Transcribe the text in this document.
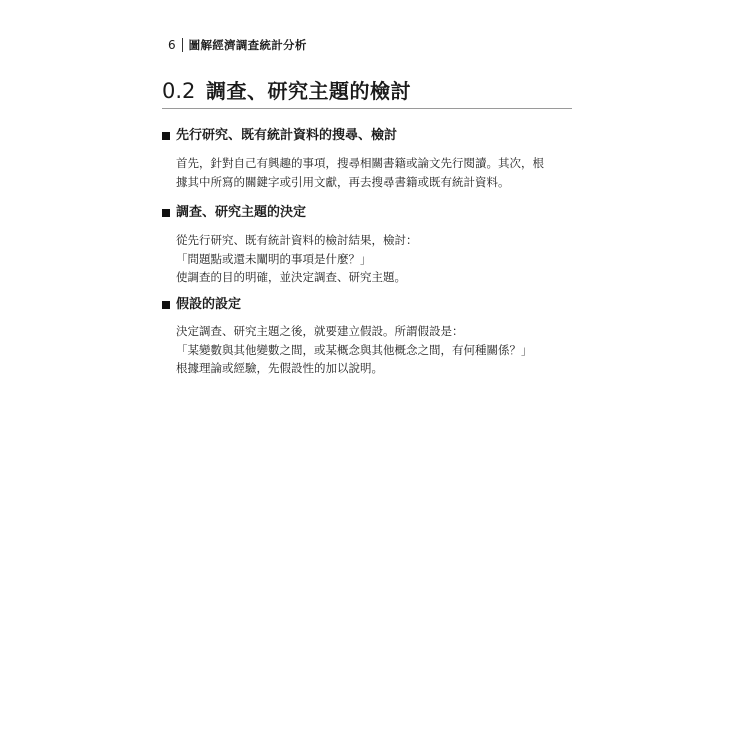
6 圖解經濟調查統計分析
0.2 調查、研究主題的檢討
先行研究、既有統計資料的搜尋、檢討
首先，針對自己有興趣的事項，搜尋相關書籍或論文先行閱讀。其次，根
據其中所寫的關鍵字或引用文獻，再去搜尋書籍或既有統計資料。
調查、研究主題的決定
從先行研究、既有統計資料的檢討結果，檢討：
「問題點或還未闡明的事項是什麼？」
使調查的目的明確，並決定調查、研究主題。
假設的設定
決定調查、研究主題之後，就要建立假設。所謂假設是：
「某變數與其他變數之間，或某概念與其他概念之間，有何種關係？」
根據理論或經驗，先假設性的加以說明。
